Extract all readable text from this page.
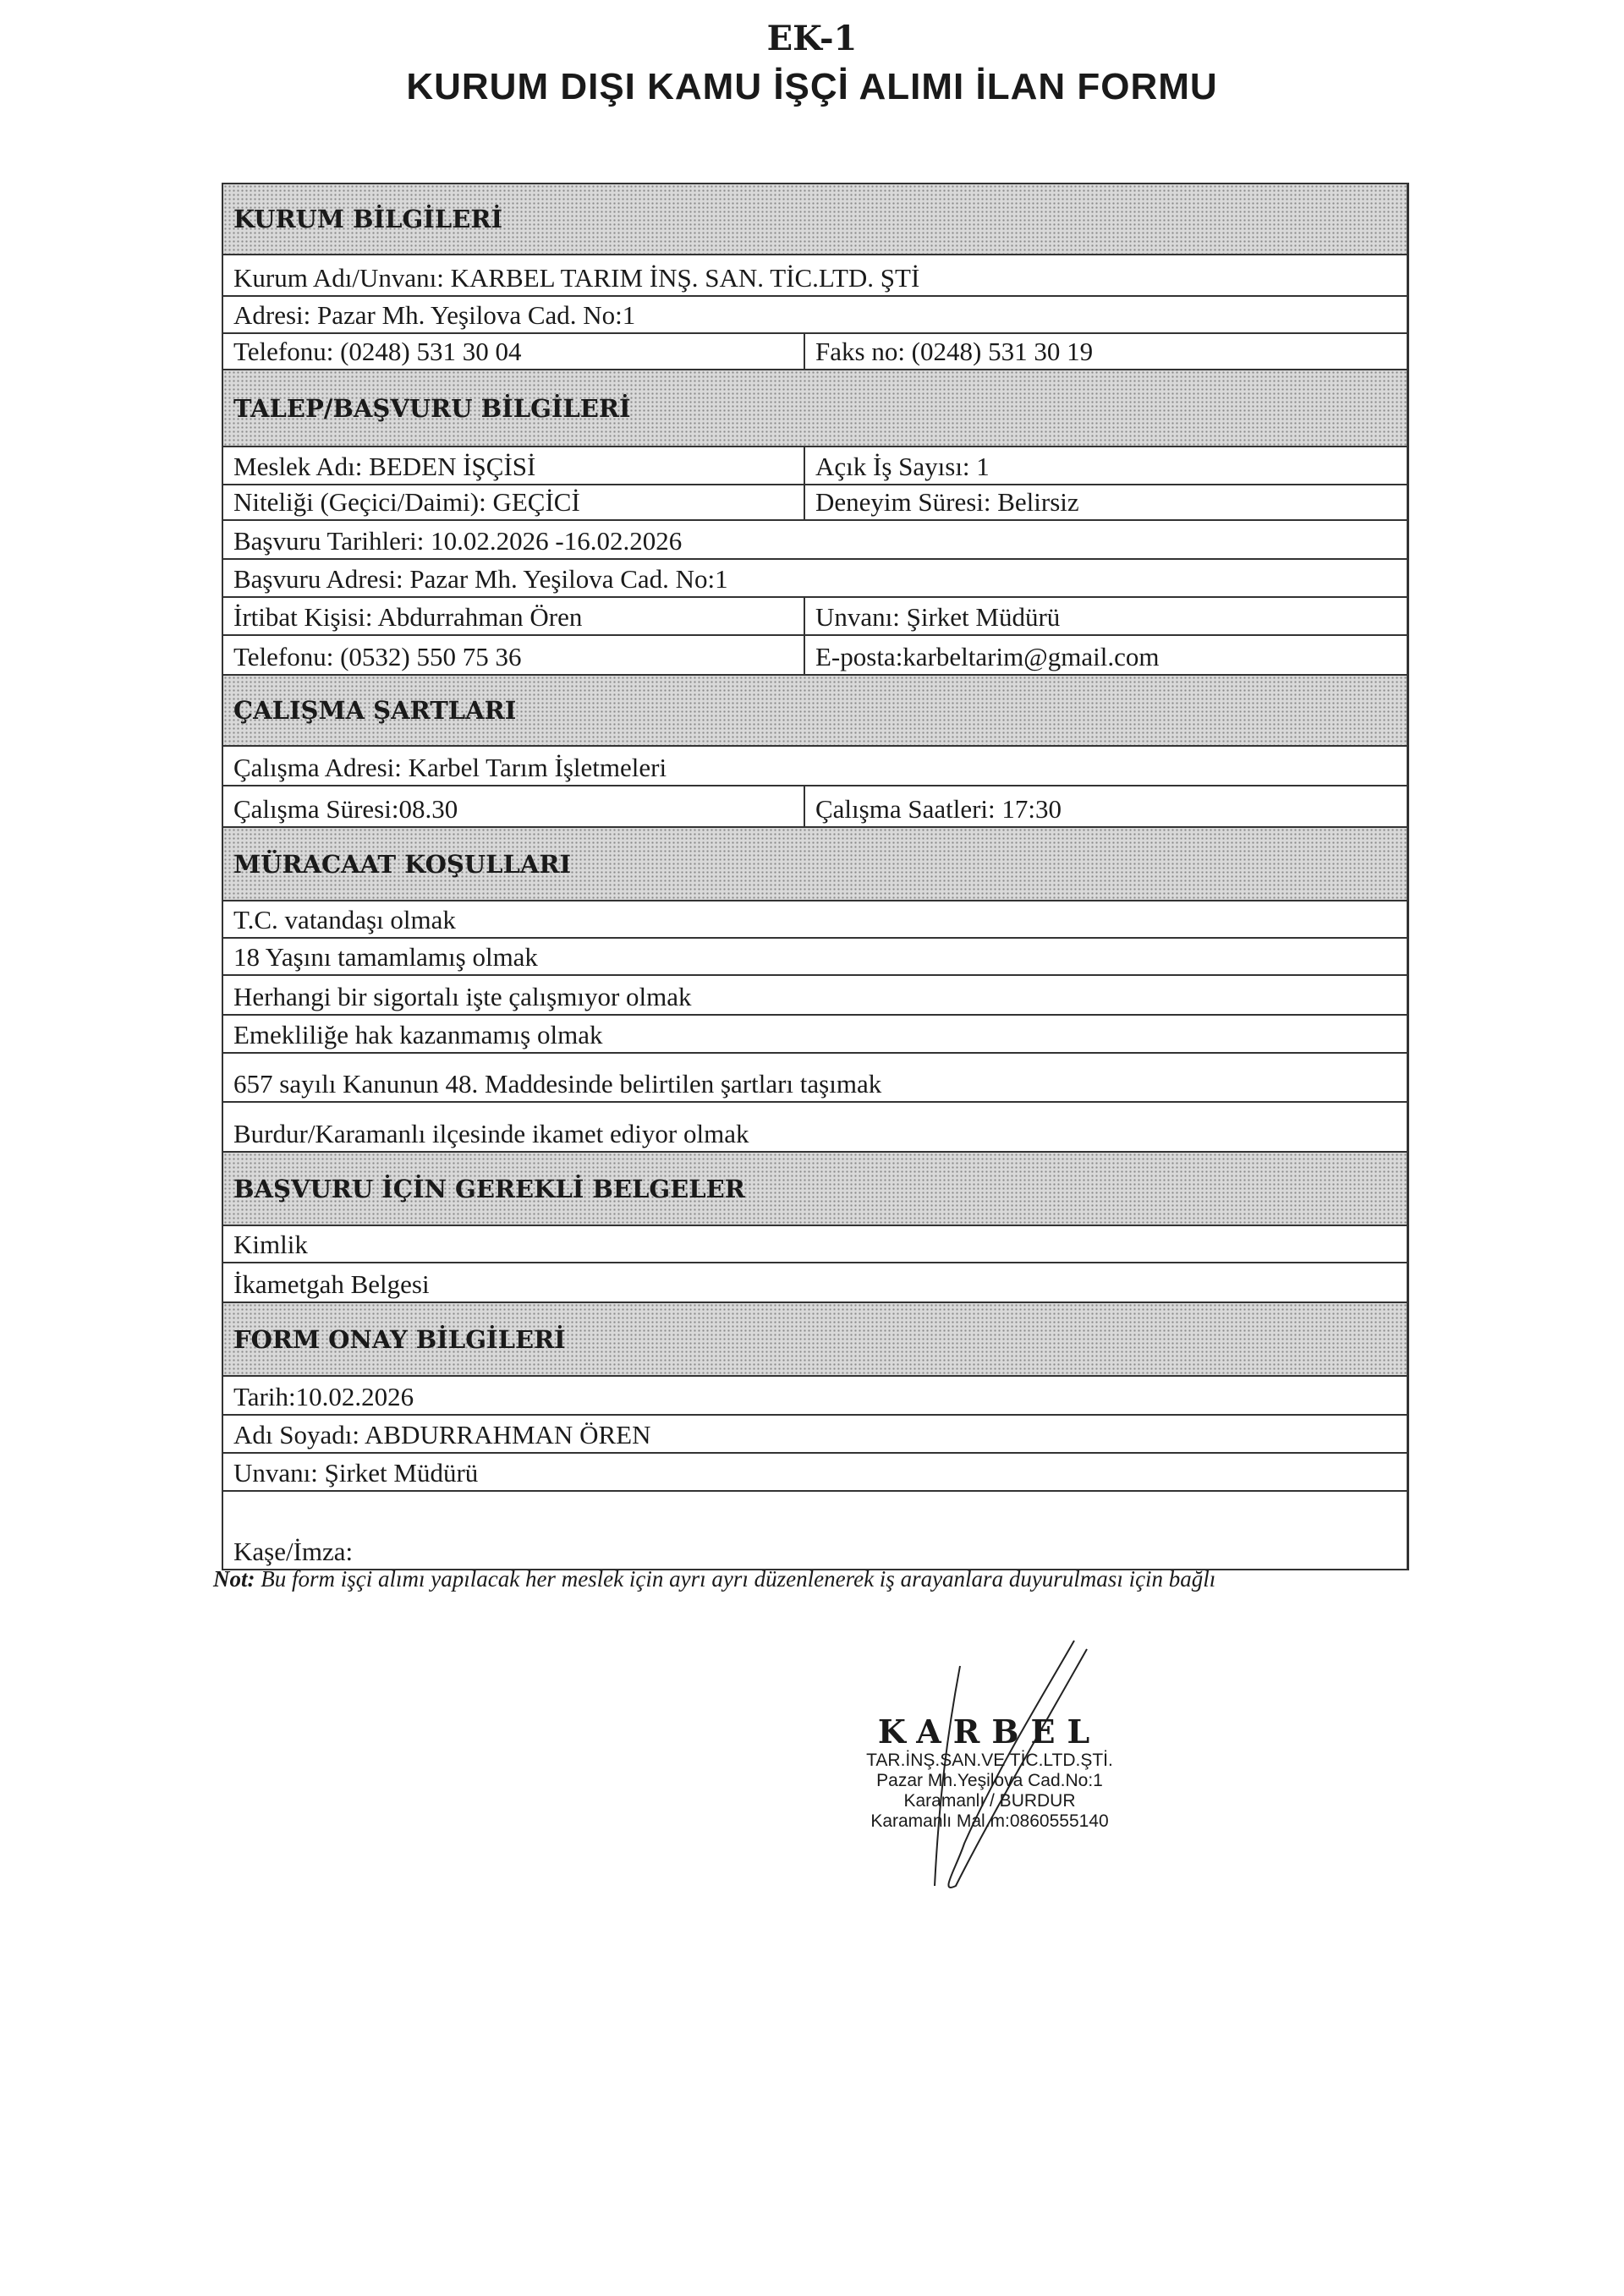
EK-1
KURUM DIŞI KAMU İŞÇİ ALIMI İLAN FORMU
KURUM BİLGİLERİ
Kurum Adı/Unvanı: KARBEL TARIM İNŞ. SAN. TİC.LTD. ŞTİ
Adresi: Pazar Mh. Yeşilova Cad. No:1
Telefonu: (0248) 531 30 04	Faks no: (0248) 531 30 19
TALEP/BAŞVURU BİLGİLERİ
Meslek Adı: BEDEN İŞÇİSİ	Açık İş Sayısı: 1
Niteliği (Geçici/Daimi): GEÇİCİ	Deneyim Süresi: Belirsiz
Başvuru Tarihleri: 10.02.2026 -16.02.2026
Başvuru Adresi: Pazar Mh. Yeşilova Cad. No:1
İrtibat Kişisi: Abdurrahman Ören	Unvanı: Şirket Müdürü
Telefonu: (0532) 550 75 36	E-posta:karbeltarim@gmail.com
ÇALIŞMA ŞARTLARI
Çalışma Adresi: Karbel Tarım İşletmeleri
Çalışma Süresi:08.30	Çalışma Saatleri: 17:30
MÜRACAAT KOŞULLARI
T.C. vatandaşı olmak
18 Yaşını tamamlamış olmak
Herhangi bir sigortalı işte çalışmıyor olmak
Emekliliğe hak kazanmamış olmak
657 sayılı Kanunun 48. Maddesinde belirtilen şartları taşımak
Burdur/Karamanlı ilçesinde ikamet ediyor olmak
BAŞVURU İÇİN GEREKLİ BELGELER
Kimlik
İkametgah Belgesi
FORM ONAY BİLGİLERİ
Tarih:10.02.2026
Adı Soyadı: ABDURRAHMAN ÖREN
Unvanı: Şirket Müdürü
Kaşe/İmza:
Not: Bu form işçi alımı yapılacak her meslek için ayrı ayrı düzenlenerek iş arayanlara duyurulması için bağlı
KARBEL
TAR.İNŞ.SAN.VE TİC.LTD.ŞTİ.
Pazar Mh.Yeşilova Cad.No:1
Karamanlı / BURDUR
Karamanlı Mal.m:0860555140
